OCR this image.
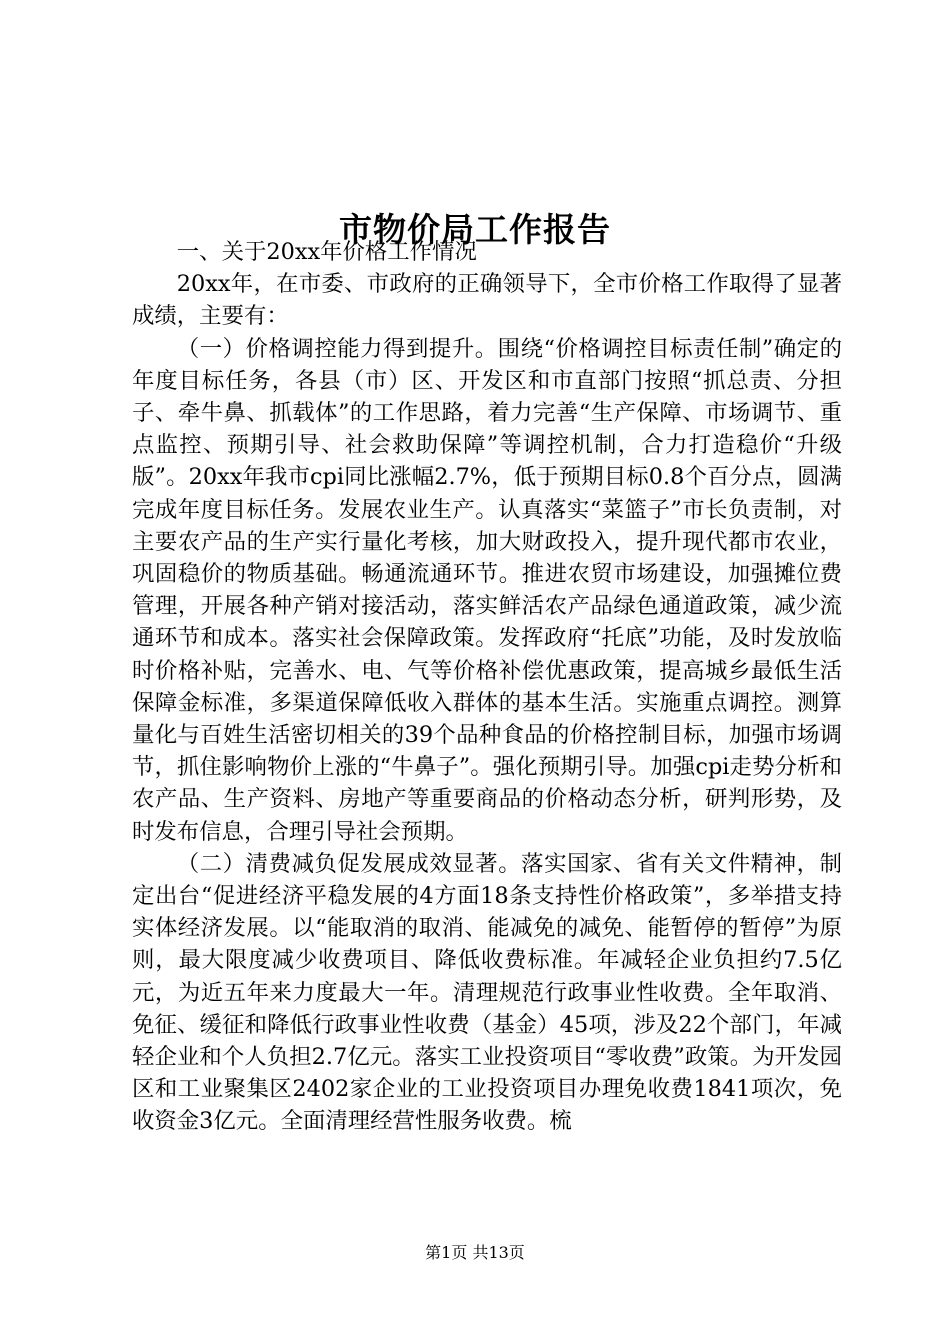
市物价局工作报告

一、关于20xx年价格工作情况

20xx年，在市委、市政府的正确领导下，全市价格工作取得了显著成绩，主要有：

（一）价格调控能力得到提升。围绕“价格调控目标责任制”确定的年度目标任务，各县（市）区、开发区和市直部门按照“抓总责、分担子、牵牛鼻、抓载体”的工作思路，着力完善“生产保障、市场调节、重点监控、预期引导、社会救助保障”等调控机制，合力打造稳价“升级版”。20xx年我市cpi同比涨幅2.7%，低于预期目标0.8个百分点，圆满完成年度目标任务。发展农业生产。认真落实“菜篮子”市长负责制，对主要农产品的生产实行量化考核，加大财政投入，提升现代都市农业，巩固稳价的物质基础。畅通流通环节。推进农贸市场建设，加强摊位费管理，开展各种产销对接活动，落实鲜活农产品绿色通道政策，减少流通环节和成本。落实社会保障政策。发挥政府“托底”功能，及时发放临时价格补贴，完善水、电、气等价格补偿优惠政策，提高城乡最低生活保障金标准，多渠道保障低收入群体的基本生活。实施重点调控。测算量化与百姓生活密切相关的39个品种食品的价格控制目标，加强市场调节，抓住影响物价上涨的“牛鼻子”。强化预期引导。加强cpi走势分析和农产品、生产资料、房地产等重要商品的价格动态分析，研判形势，及时发布信息，合理引导社会预期。

（二）清费减负促发展成效显著。落实国家、省有关文件精神，制定出台“促进经济平稳发展的4方面18条支持性价格政策”，多举措支持实体经济发展。以“能取消的取消、能减免的减免、能暂停的暂停”为原则，最大限度减少收费项目、降低收费标准。年减轻企业负担约7.5亿元，为近五年来力度最大一年。清理规范行政事业性收费。全年取消、免征、缓征和降低行政事业性收费（基金）45项，涉及22个部门，年减轻企业和个人负担2.7亿元。落实工业投资项目“零收费”政策。为开发园区和工业聚集区2402家企业的工业投资项目办理免收费1841项次，免收资金3亿元。全面清理经营性服务收费。梳

第1页 共13页
